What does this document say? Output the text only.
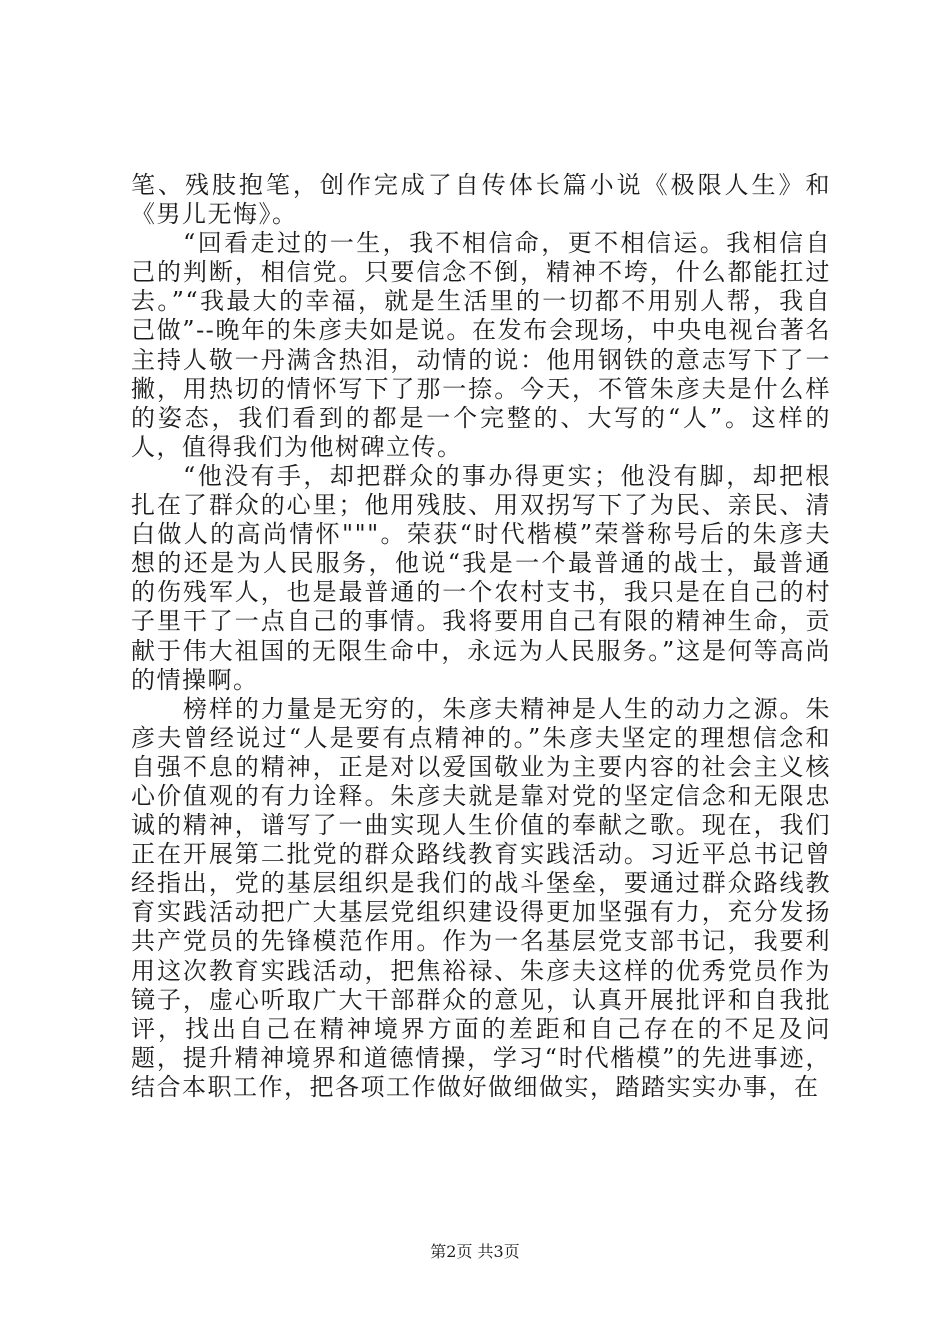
笔、残肢抱笔，创作完成了自传体长篇小说《极限人生》和《男儿无悔》。

“回看走过的一生，我不相信命，更不相信运。我相信自己的判断，相信党。只要信念不倒，精神不垮，什么都能扛过去。”“我最大的幸福，就是生活里的一切都不用别人帮，我自己做”--晚年的朱彦夫如是说。在发布会现场，中央电视台著名主持人敬一丹满含热泪，动情的说：他用钢铁的意志写下了一撇，用热切的情怀写下了那一捺。今天，不管朱彦夫是什么样的姿态，我们看到的都是一个完整的、大写的“人”。这样的人，值得我们为他树碑立传。

“他没有手，却把群众的事办得更实；他没有脚，却把根扎在了群众的心里；他用残肢、用双拐写下了为民、亲民、清白做人的高尚情怀"""。荣获“时代楷模”荣誉称号后的朱彦夫想的还是为人民服务，他说“我是一个最普通的战士，最普通的伤残军人，也是最普通的一个农村支书，我只是在自己的村子里干了一点自己的事情。我将要用自己有限的精神生命，贡献于伟大祖国的无限生命中，永远为人民服务。”这是何等高尚的情操啊。

榜样的力量是无穷的，朱彦夫精神是人生的动力之源。朱彦夫曾经说过“人是要有点精神的。”朱彦夫坚定的理想信念和自强不息的精神，正是对以爱国敬业为主要内容的社会主义核心价值观的有力诠释。朱彦夫就是靠对党的坚定信念和无限忠诚的精神，谱写了一曲实现人生价值的奉献之歌。现在，我们正在开展第二批党的群众路线教育实践活动。习近平总书记曾经指出，党的基层组织是我们的战斗堡垒，要通过群众路线教育实践活动把广大基层党组织建设得更加坚强有力，充分发扬共产党员的先锋模范作用。作为一名基层党支部书记，我要利用这次教育实践活动，把焦裕禄、朱彦夫这样的优秀党员作为镜子，虚心听取广大干部群众的意见，认真开展批评和自我批评，找出自己在精神境界方面的差距和自己存在的不足及问题，提升精神境界和道德情操，学习“时代楷模”的先进事迹，结合本职工作，把各项工作做好做细做实，踏踏实实办事，在

第2页 共3页
